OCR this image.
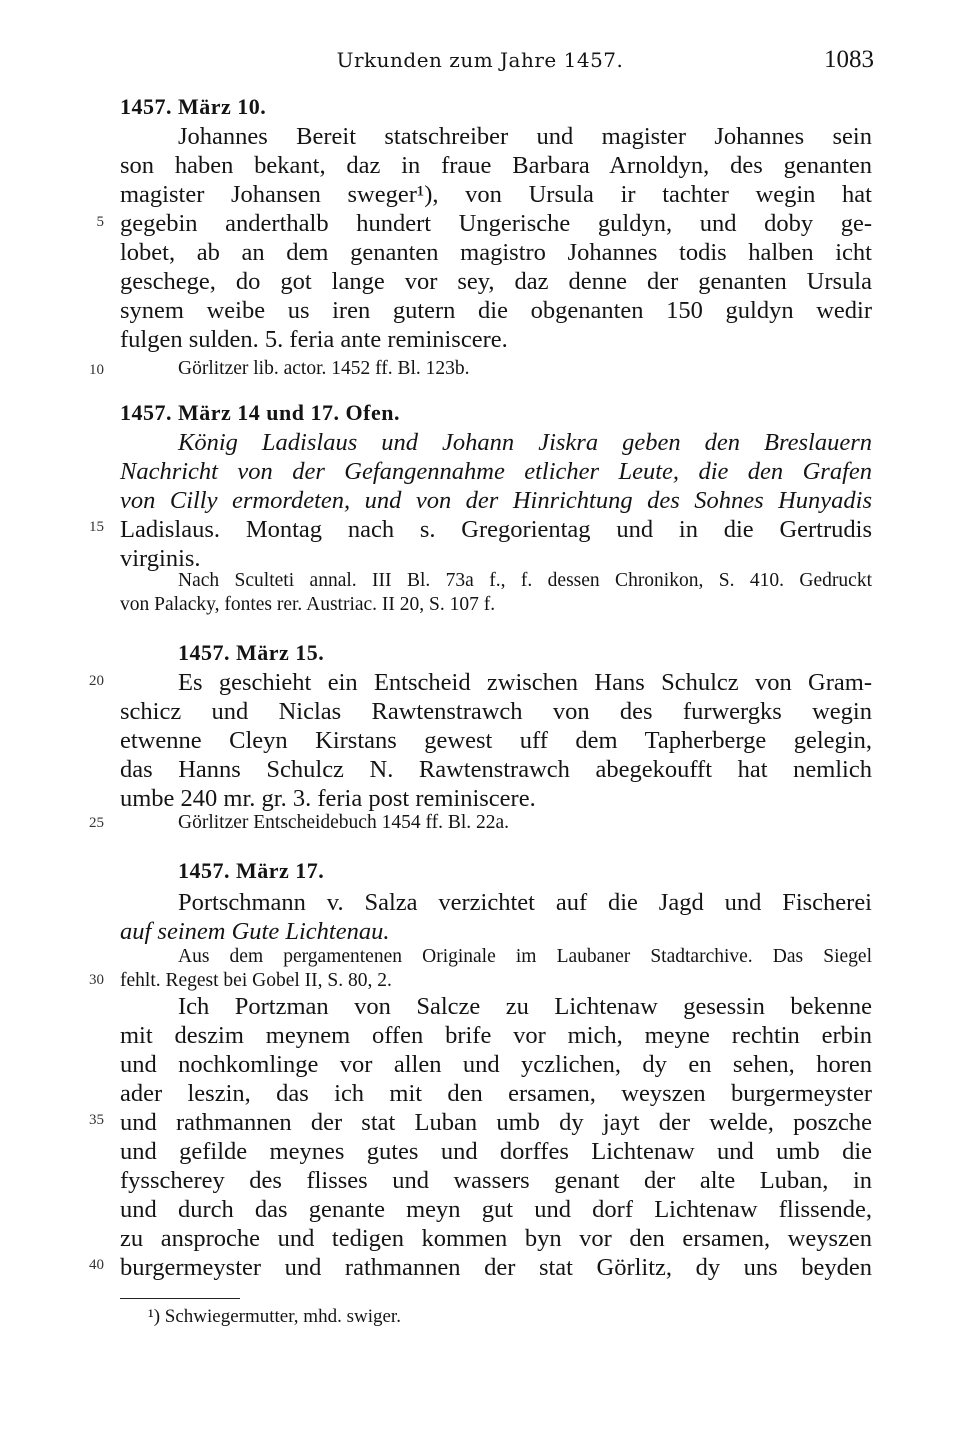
Urkunden zum Jahre 1457.	1083
1457. März 10.
Johannes Bereit statschreiber und magister Johannes sein
son haben bekant, daz in fraue Barbara Arnoldyn, des genanten
magister Johansen sweger¹), von Ursula ir tachter wegin hat
gegebin anderthalb hundert Ungerische guldyn, und doby ge-
lobet, ab an dem genanten magistro Johannes todis halben icht
geschege, do got lange vor sey, daz denne der genanten Ursula
synem weibe us iren gutern die obgenanten 150 guldyn wedir
fulgen sulden. 5. feria ante reminiscere.
Görlitzer lib. actor. 1452 ff. Bl. 123b.
1457. März 14 und 17. Ofen.
König Ladislaus und Johann Jiskra geben den Breslauern
Nachricht von der Gefangennahme etlicher Leute, die den Grafen
von Cilly ermordeten, und von der Hinrichtung des Sohnes Hunyadis
Ladislaus. Montag nach s. Gregorientag und in die Gertrudis
virginis.
Nach Sculteti annal. III Bl. 73a f., f. dessen Chronikon, S. 410. Gedruckt
von Palacky, fontes rer. Austriac. II 20, S. 107 f.
1457. März 15.
Es geschieht ein Entscheid zwischen Hans Schulcz von Gram-
schicz und Niclas Rawtenstrawch von des furwergks wegin
etwenne Cleyn Kirstans gewest uff dem Tapherberge gelegin,
das Hanns Schulcz N. Rawtenstrawch abegekoufft hat nemlich
umbe 240 mr. gr. 3. feria post reminiscere.
Görlitzer Entscheidebuch 1454 ff. Bl. 22a.
1457. März 17.
Portschmann v. Salza verzichtet auf die Jagd und Fischerei
auf seinem Gute Lichtenau.
Aus dem pergamentenen Originale im Laubaner Stadtarchive. Das Siegel
fehlt. Regest bei Gobel II, S. 80, 2.
Ich Portzman von Salcze zu Lichtenaw gesessin bekenne
mit deszim meynem offen brife vor mich, meyne rechtin erbin
und nochkomlinge vor allen und yczlichen, dy en sehen, horen
ader leszin, das ich mit den ersamen, weyszen burgermeyster
und rathmannen der stat Luban umb dy jayt der welde, poszche
und gefilde meynes gutes und dorffes Lichtenaw und umb die
fysscherey des flisses und wassers genant der alte Luban, in
und durch das genante meyn gut und dorf Lichtenaw flissende,
zu ansproche und tedigen kommen byn vor den ersamen, weyszen
burgermeyster und rathmannen der stat Görlitz, dy uns beyden
5
10
15
20
25
30
35
40
¹) Schwiegermutter, mhd. swiger.
